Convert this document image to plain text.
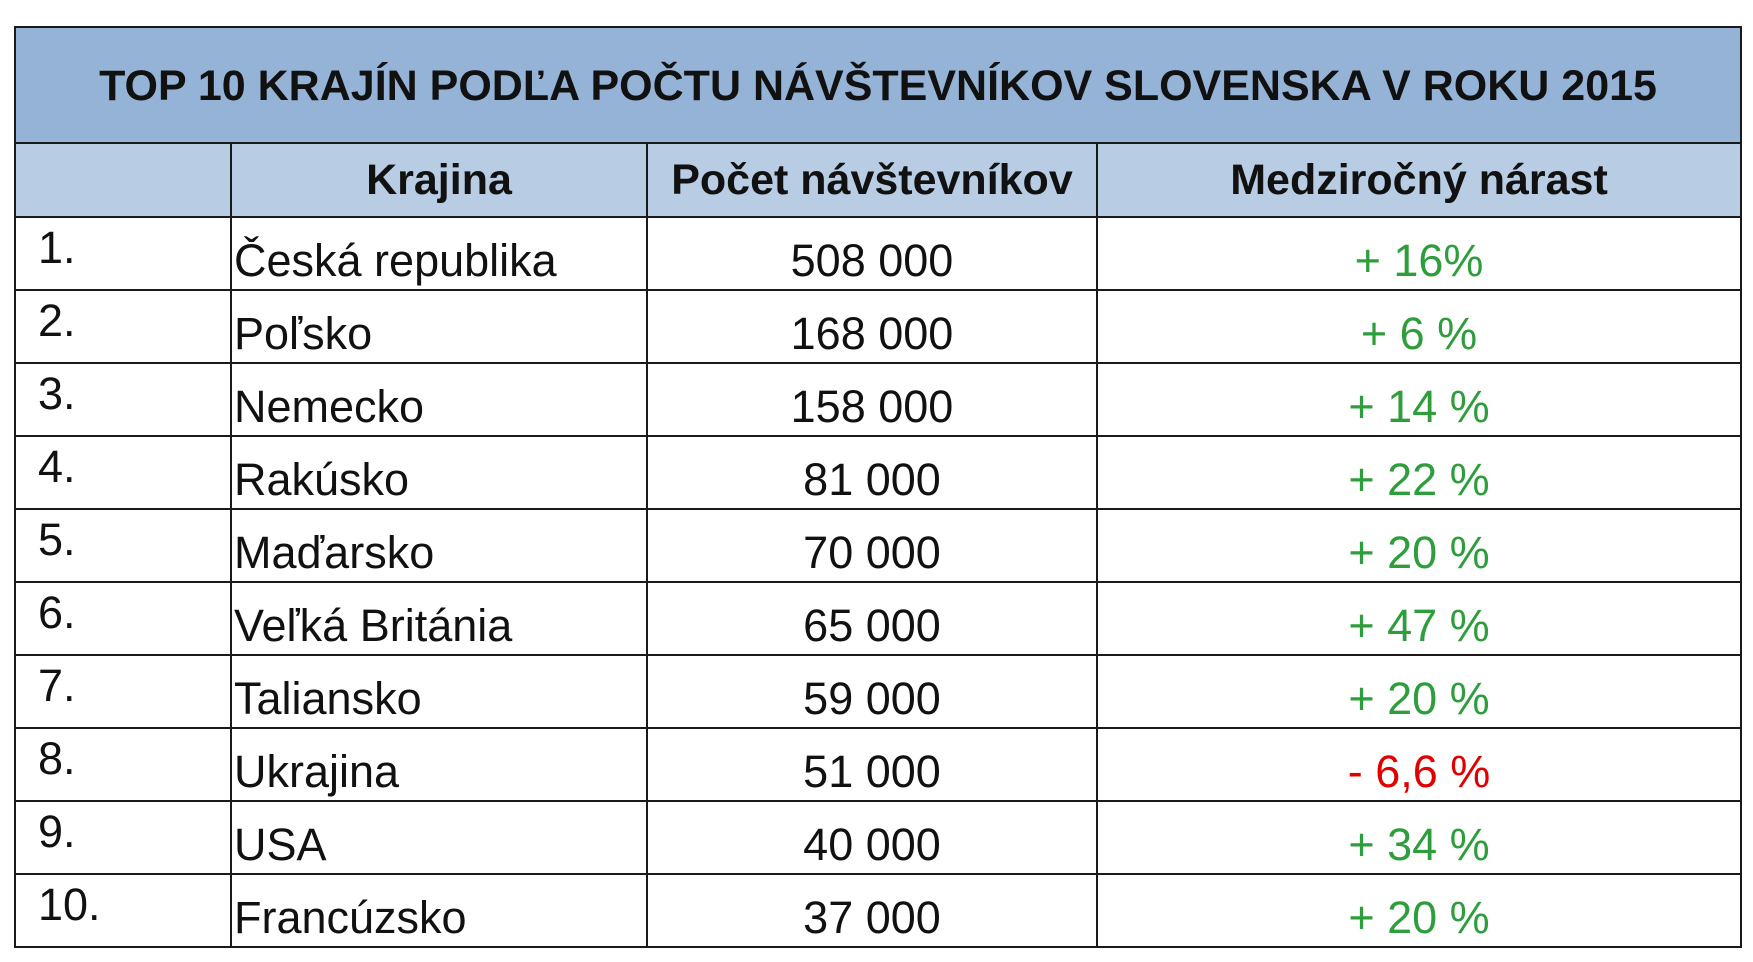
TOP 10 KRAJÍN PODĽA POČTU NÁVŠTEVNÍKOV SLOVENSKA V ROKU 2015			
	Krajina	Počet návštevníkov	Medziročný nárast
1.	Česká republika	508 000	+ 16%
2.	Poľsko	168 000	+ 6 %
3.	Nemecko	158 000	+ 14 %
4.	Rakúsko	81 000	+ 22 %
5.	Maďarsko	70 000	+ 20 %
6.	Veľká Británia	65 000	+ 47 %
7.	Taliansko	59 000	+ 20 %
8.	Ukrajina	51 000	- 6,6 %
9.	USA	40 000	+ 34 %
10.	Francúzsko	37 000	+ 20 %
